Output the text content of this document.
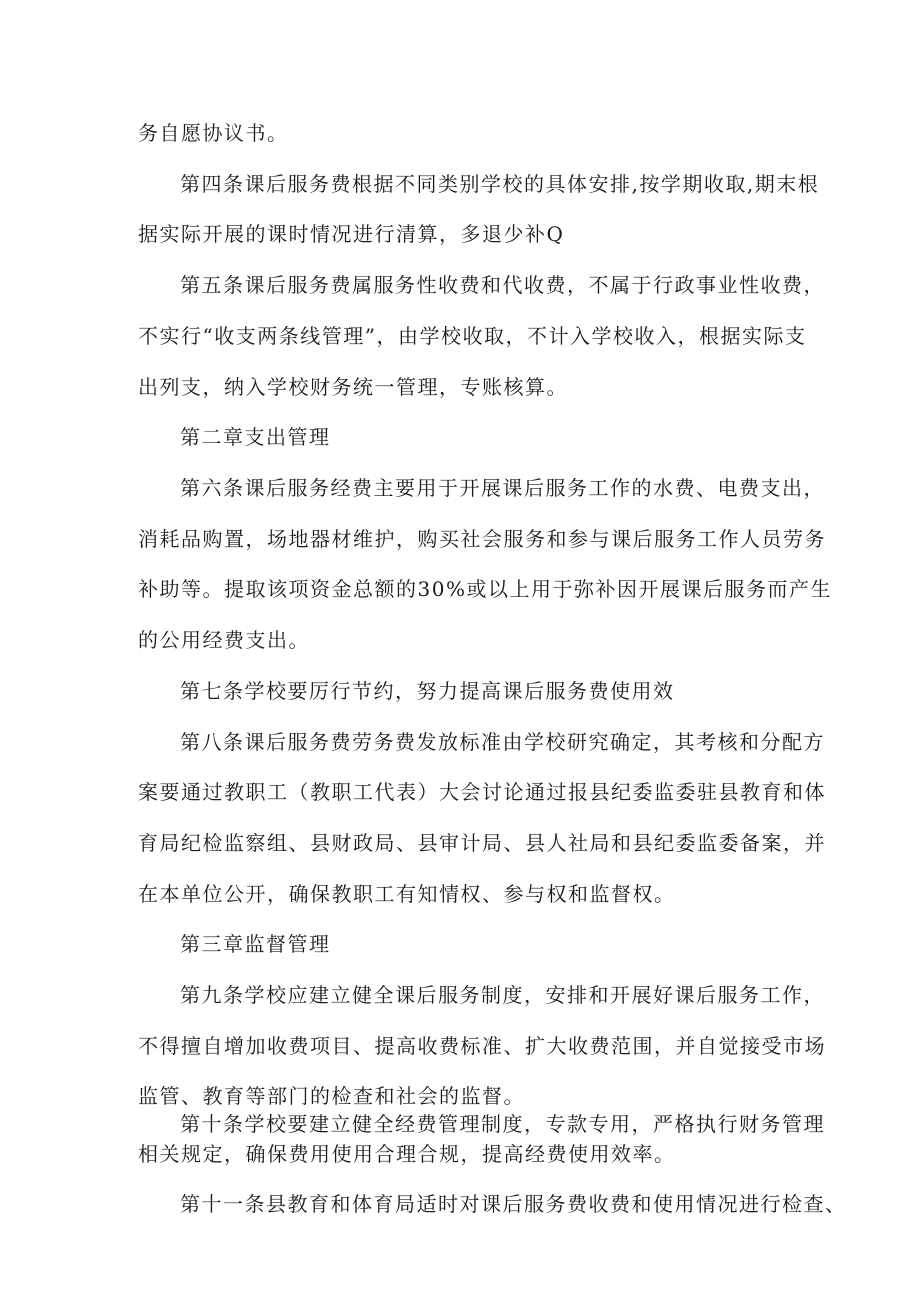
务自愿协议书。
第四条课后服务费根据不同类别学校的具体安排,按学期收取,期末根
据实际开展的课时情况进行清算，多退少补Q
第五条课后服务费属服务性收费和代收费，不属于行政事业性收费，
不实行“收支两条线管理”，由学校收取，不计入学校收入，根据实际支
出列支，纳入学校财务统一管理，专账核算。
第二章支出管理
第六条课后服务经费主要用于开展课后服务工作的水费、电费支出，
消耗品购置，场地器材维护，购买社会服务和参与课后服务工作人员劳务
补助等。提取该项资金总额的30%或以上用于弥补因开展课后服务而产生
的公用经费支出。
第七条学校要厉行节约，努力提高课后服务费使用效
第八条课后服务费劳务费发放标准由学校研究确定，其考核和分配方
案要通过教职工（教职工代表）大会讨论通过报县纪委监委驻县教育和体
育局纪检监察组、县财政局、县审计局、县人社局和县纪委监委备案，并
在本单位公开，确保教职工有知情权、参与权和监督权。
第三章监督管理
第九条学校应建立健全课后服务制度，安排和开展好课后服务工作，
不得擅自增加收费项目、提高收费标准、扩大收费范围，并自觉接受市场
监管、教育等部门的检查和社会的监督。
第十条学校要建立健全经费管理制度，专款专用，严格执行财务管理
相关规定，确保费用使用合理合规，提高经费使用效率。
第十一条县教育和体育局适时对课后服务费收费和使用情况进行检查、
